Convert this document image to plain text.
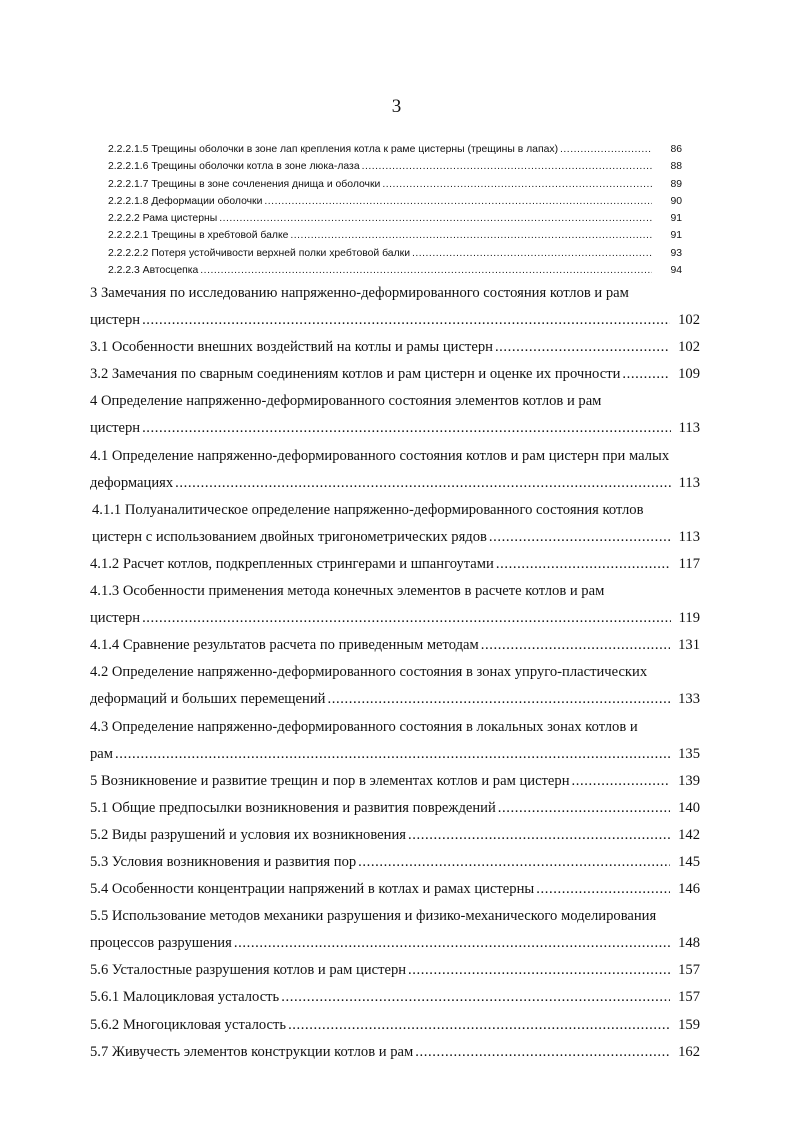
3
2.2.2.1.5 Трещины оболочки в зоне лап крепления котла к раме цистерны (трещины в лапах) .....	86
2.2.2.1.6 Трещины оболочки котла в зоне люка-лаза .....	88
2.2.2.1.7 Трещины в зоне сочленения днища и оболочки .....	89
2.2.2.1.8 Деформации оболочки .....	90
2.2.2.2 Рама цистерны .....	91
2.2.2.2.1 Трещины в хребтовой балке .....	91
2.2.2.2.2 Потеря устойчивости верхней полки хребтовой балки .....	93
2.2.2.3 Автосцепка .....	94
3 Замечания по исследованию напряженно-деформированного состояния котлов и рам
цистерн .....	102
3.1 Особенности внешних воздействий на котлы и рамы цистерн .....	102
3.2 Замечания по сварным соединениям котлов и рам цистерн и оценке их прочности .....	109
4 Определение напряженно-деформированного состояния элементов котлов и рам
цистерн .....	113
4.1 Определение напряженно-деформированного состояния котлов и рам цистерн при малых
деформациях .....	113
4.1.1 Полуаналитическое определение напряженно-деформированного состояния котлов
цистерн с использованием двойных тригонометрических рядов .....	113
4.1.2 Расчет котлов, подкрепленных стрингерами и шпангоутами .....	117
4.1.3 Особенности применения метода конечных элементов в расчете котлов и рам
цистерн .....	119
4.1.4 Сравнение результатов расчета по приведенным методам .....	131
4.2 Определение напряженно-деформированного состояния в зонах упруго-пластических
деформаций и больших перемещений .....	133
4.3 Определение напряженно-деформированного состояния в локальных зонах котлов и
рам .....	135
5 Возникновение и развитие трещин и пор в элементах котлов и рам цистерн .....	139
5.1 Общие предпосылки возникновения и развития повреждений .....	140
5.2 Виды разрушений и условия их возникновения .....	142
5.3 Условия возникновения и развития пор .....	145
5.4 Особенности концентрации напряжений в котлах и рамах цистерны .....	146
5.5 Использование методов механики разрушения и физико-механического моделирования
процессов разрушения .....	148
5.6 Усталостные разрушения котлов и рам цистерн .....	157
5.6.1 Малоцикловая усталость .....	157
5.6.2 Многоцикловая усталость .....	159
5.7 Живучесть элементов конструкции котлов и рам .....	162
